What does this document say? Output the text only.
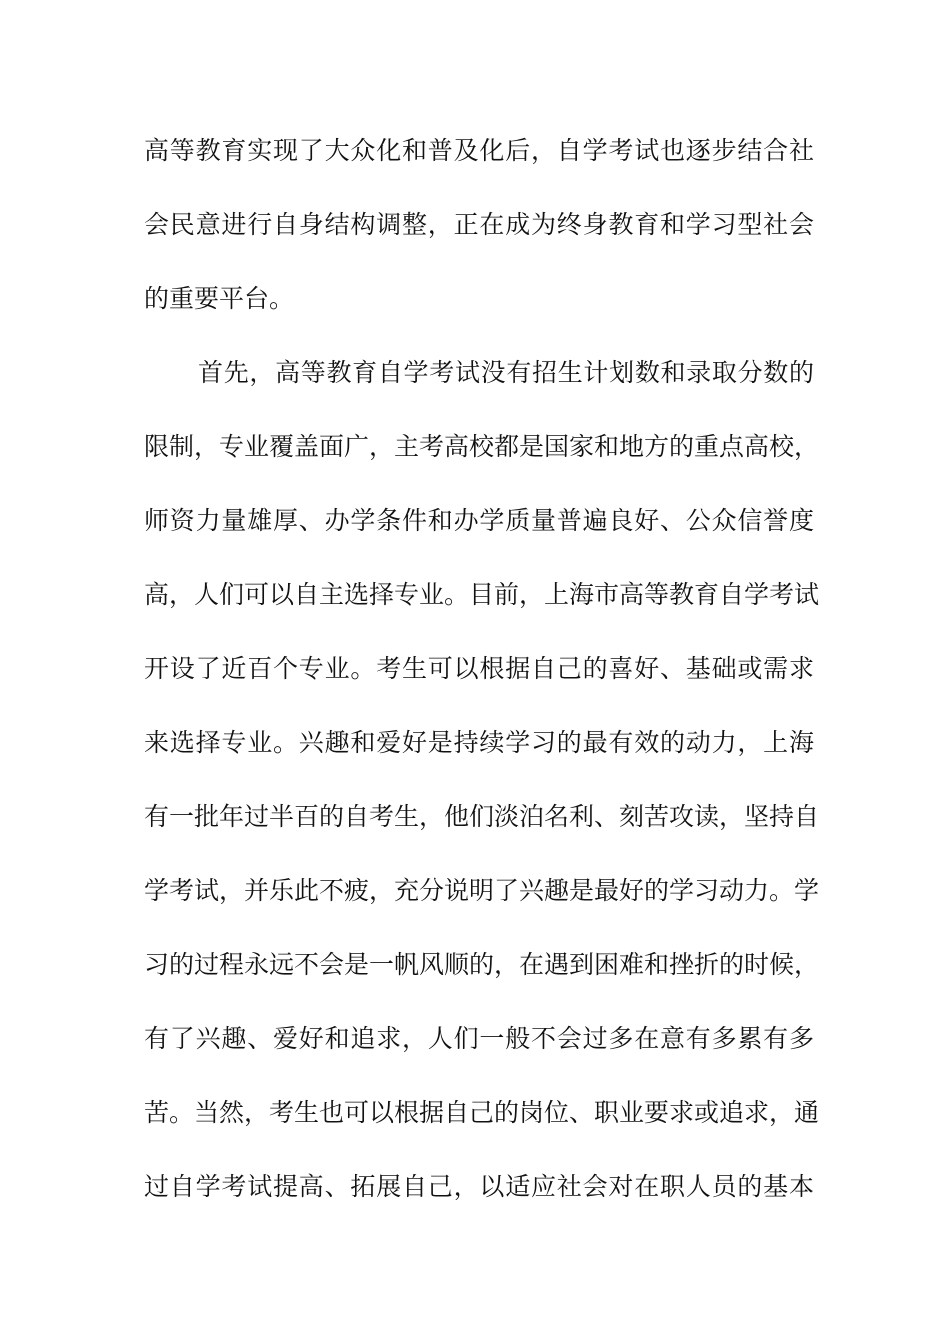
高等教育实现了大众化和普及化后，自学考试也逐步结合社
会民意进行自身结构调整，正在成为终身教育和学习型社会
的重要平台。
首先，高等教育自学考试没有招生计划数和录取分数的
限制，专业覆盖面广，主考高校都是国家和地方的重点高校，
师资力量雄厚、办学条件和办学质量普遍良好、公众信誉度
高，人们可以自主选择专业。目前，上海市高等教育自学考试
开设了近百个专业。考生可以根据自己的喜好、基础或需求
来选择专业。兴趣和爱好是持续学习的最有效的动力，上海
有一批年过半百的自考生，他们淡泊名利、刻苦攻读，坚持自
学考试，并乐此不疲，充分说明了兴趣是最好的学习动力。学
习的过程永远不会是一帆风顺的，在遇到困难和挫折的时候，
有了兴趣、爱好和追求，人们一般不会过多在意有多累有多
苦。当然，考生也可以根据自己的岗位、职业要求或追求，通
过自学考试提高、拓展自己，以适应社会对在职人员的基本
